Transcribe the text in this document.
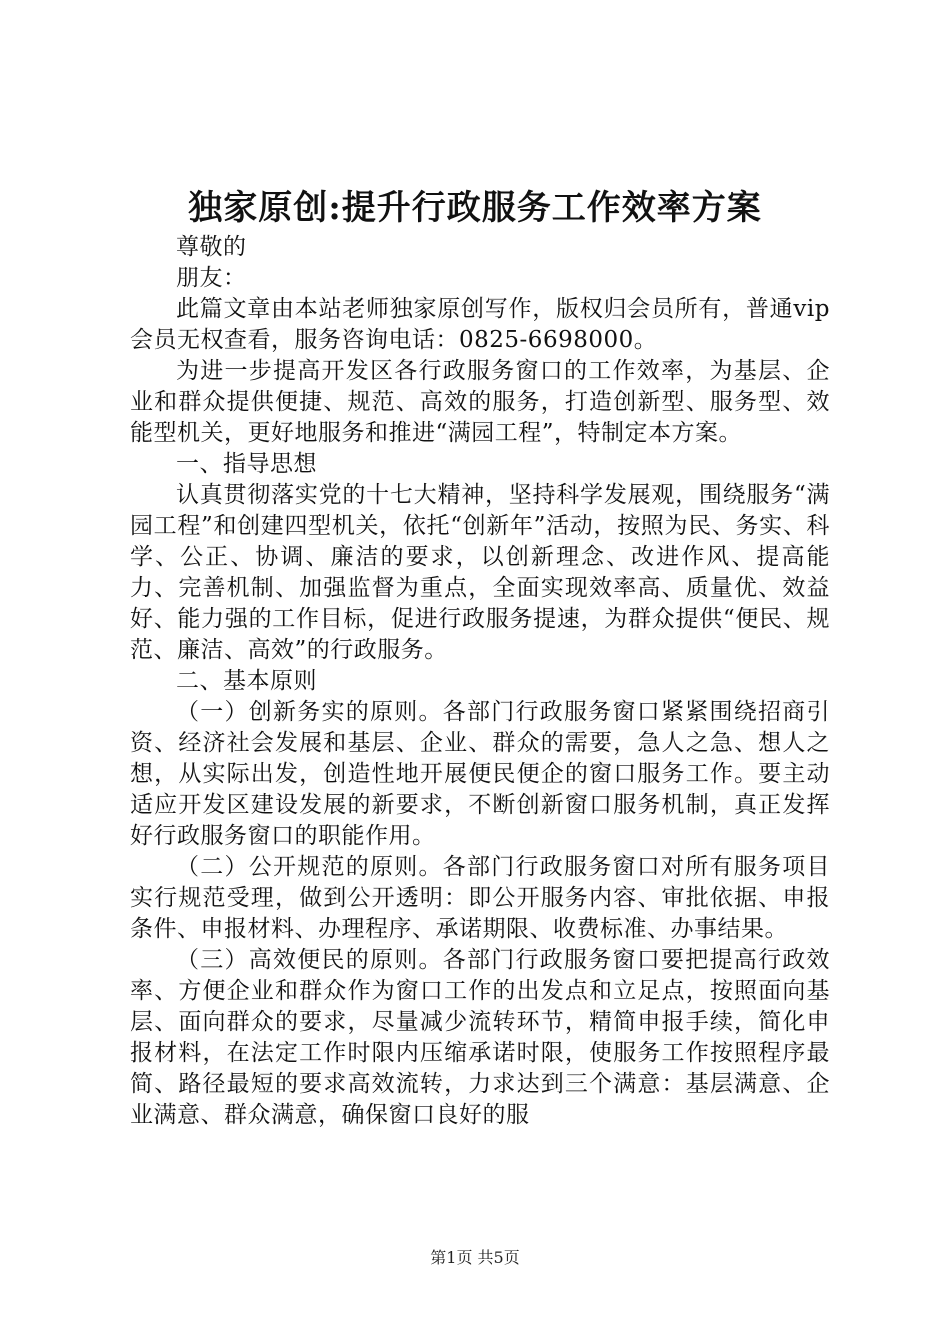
独家原创:提升行政服务工作效率方案

尊敬的

朋友：

此篇文章由本站老师独家原创写作，版权归会员所有，普通vip会员无权查看，服务咨询电话：0825-6698000。

为进一步提高开发区各行政服务窗口的工作效率，为基层、企业和群众提供便捷、规范、高效的服务，打造创新型、服务型、效能型机关，更好地服务和推进“满园工程”，特制定本方案。

一、指导思想

认真贯彻落实党的十七大精神，坚持科学发展观，围绕服务“满园工程”和创建四型机关，依托“创新年”活动，按照为民、务实、科学、公正、协调、廉洁的要求，以创新理念、改进作风、提高能力、完善机制、加强监督为重点，全面实现效率高、质量优、效益好、能力强的工作目标，促进行政服务提速，为群众提供“便民、规范、廉洁、高效”的行政服务。

二、基本原则

（一）创新务实的原则。各部门行政服务窗口紧紧围绕招商引资、经济社会发展和基层、企业、群众的需要，急人之急、想人之想，从实际出发，创造性地开展便民便企的窗口服务工作。要主动适应开发区建设发展的新要求，不断创新窗口服务机制，真正发挥好行政服务窗口的职能作用。

（二）公开规范的原则。各部门行政服务窗口对所有服务项目实行规范受理，做到公开透明：即公开服务内容、审批依据、申报条件、申报材料、办理程序、承诺期限、收费标准、办事结果。

（三）高效便民的原则。各部门行政服务窗口要把提高行政效率、方便企业和群众作为窗口工作的出发点和立足点，按照面向基层、面向群众的要求，尽量减少流转环节，精简申报手续，简化申报材料，在法定工作时限内压缩承诺时限，使服务工作按照程序最简、路径最短的要求高效流转，力求达到三个满意：基层满意、企业满意、群众满意，确保窗口良好的服

第1页 共5页
